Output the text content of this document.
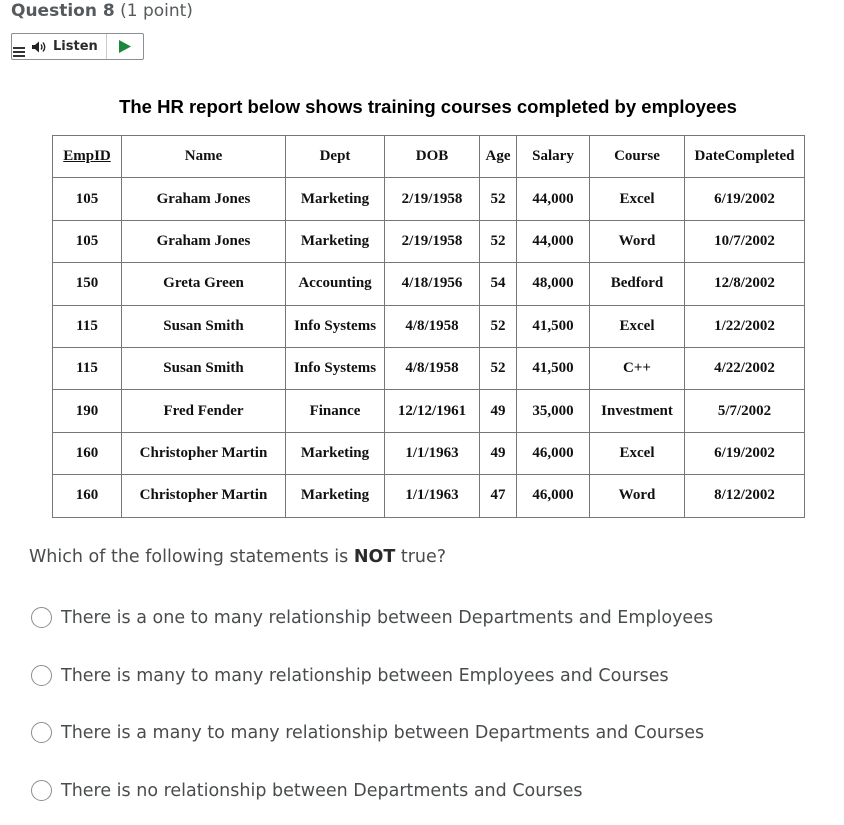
Question 8 (1 point)
Listen
The HR report below shows training courses completed by employees
EmpID	Name	Dept	DOB	Age	Salary	Course	DateCompleted
105	Graham Jones	Marketing	2/19/1958	52	44,000	Excel	6/19/2002
105	Graham Jones	Marketing	2/19/1958	52	44,000	Word	10/7/2002
150	Greta Green	Accounting	4/18/1956	54	48,000	Bedford	12/8/2002
115	Susan Smith	Info Systems	4/8/1958	52	41,500	Excel	1/22/2002
115	Susan Smith	Info Systems	4/8/1958	52	41,500	C++	4/22/2002
190	Fred Fender	Finance	12/12/1961	49	35,000	Investment	5/7/2002
160	Christopher Martin	Marketing	1/1/1963	49	46,000	Excel	6/19/2002
160	Christopher Martin	Marketing	1/1/1963	47	46,000	Word	8/12/2002
Which of the following statements is NOT true?
There is a one to many relationship between Departments and Employees
There is many to many relationship between Employees and Courses
There is a many to many relationship between Departments and Courses
There is no relationship between Departments and Courses
